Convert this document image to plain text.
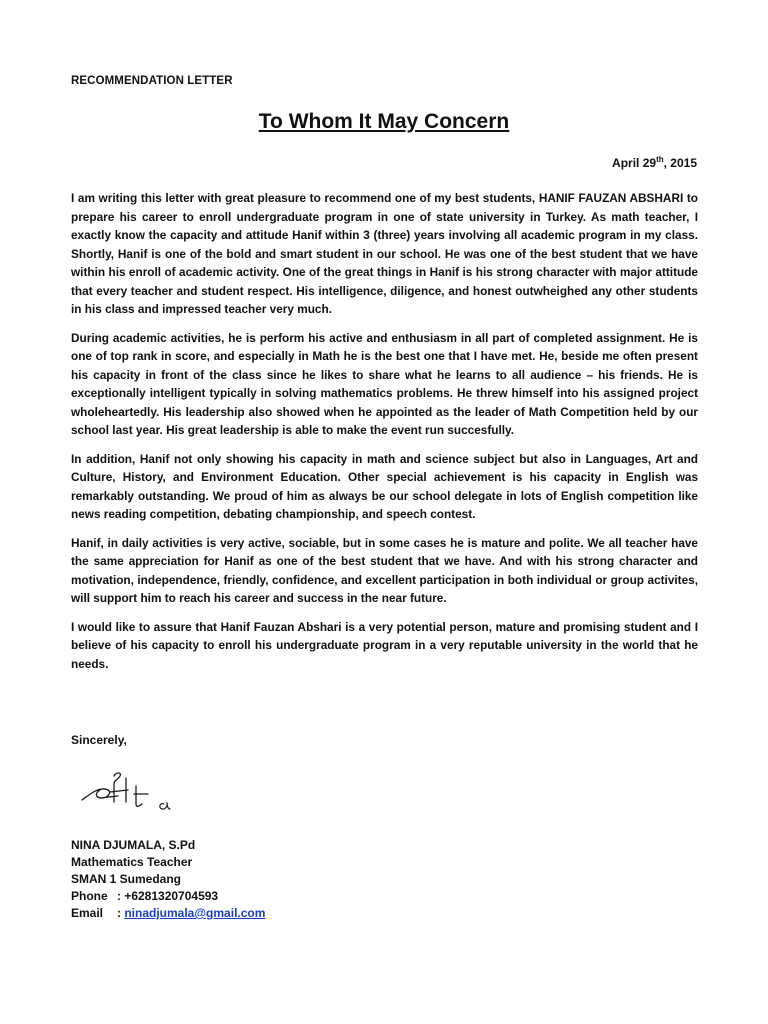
RECOMMENDATION LETTER
To Whom It May Concern
April 29th, 2015

I am writing this letter with great pleasure to recommend one of my best students, HANIF FAUZAN ABSHARI to prepare his career to enroll undergraduate program in one of state university in Turkey. As math teacher, I exactly know the capacity and attitude Hanif within 3 (three) years involving all academic program in my class. Shortly, Hanif is one of the bold and smart student in our school. He was one of the best student that we have within his enroll of academic activity. One of the great things in Hanif is his strong character with major attitude that every teacher and student respect. His intelligence, diligence, and honest outwheighed any other students in his class and impressed teacher very much.

During academic activities, he is perform his active and enthusiasm in all part of completed assignment. He is one of top rank in score, and especially in Math he is the best one that I have met. He, beside me often present his capacity in front of the class since he likes to share what he learns to all audience – his friends. He is exceptionally intelligent typically in solving mathematics problems. He threw himself into his assigned project wholeheartedly. His leadership also showed when he appointed as the leader of Math Competition held by our school last year. His great leadership is able to make the event run succesfully.

In addition, Hanif not only showing his capacity in math and science subject but also in Languages, Art and Culture, History, and Environment Education. Other special achievement is his capacity in English was remarkably outstanding. We proud of him as always be our school delegate in lots of English competition like news reading competition, debating championship, and speech contest.

Hanif, in daily activities is very active, sociable, but in some cases he is mature and polite. We all teacher have the same appreciation for Hanif as one of the best student that we have. And with his strong character and motivation, independence, friendly, confidence, and excellent participation in both individual or group activites, will support him to reach his career and success in the near future.

I would like to assure that Hanif Fauzan Abshari is a very potential person, mature and promising student and I believe of his capacity to enroll his undergraduate program in a very reputable university in the world that he needs.

Sincerely,
NINA DJUMALA, S.Pd
Mathematics Teacher
SMAN 1 Sumedang
Phone : +6281320704593
Email	: ninadjumala@gmail.com
